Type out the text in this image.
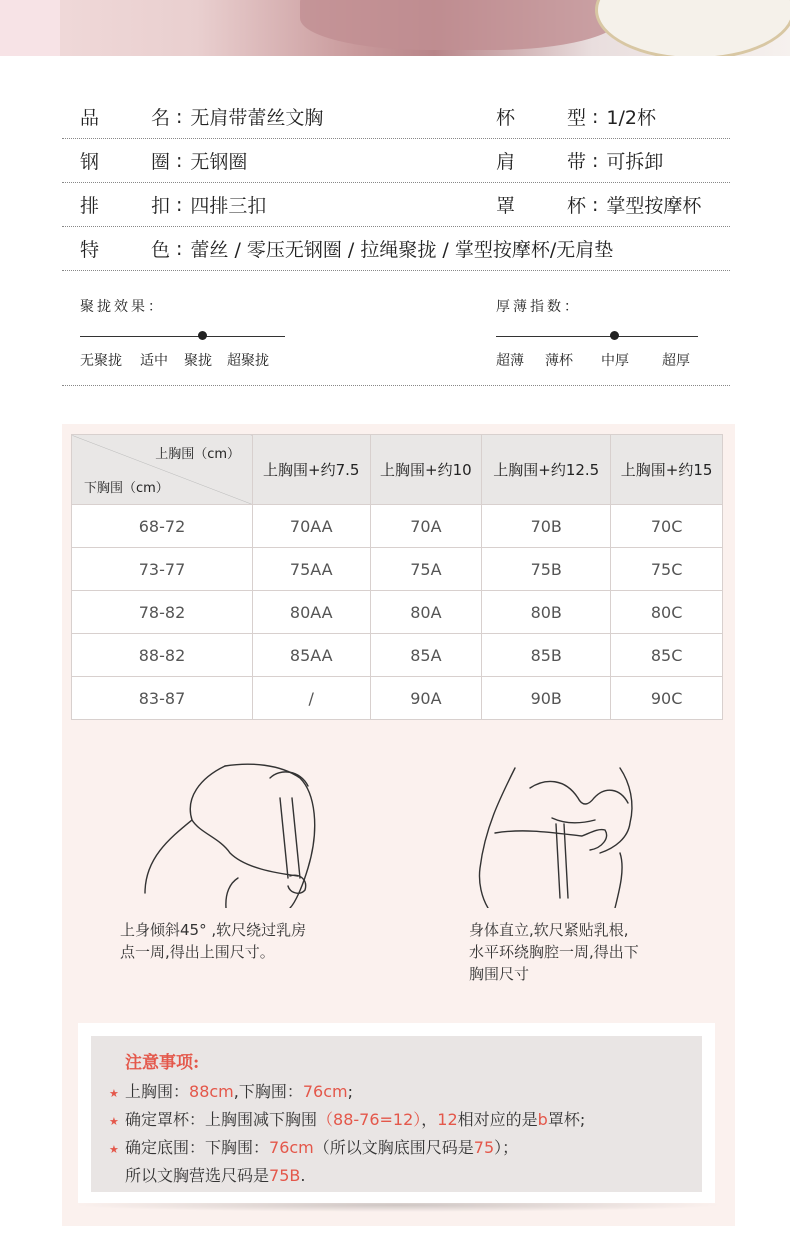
品	名 : 无肩带蕾丝文胸	杯	型 : 1/2杯
钢	圈 : 无钢圈	肩	带 : 可拆卸
排	扣 : 四排三扣	罩	杯 : 掌型按摩杯
特	色 : 蕾丝 / 零压无钢圈 / 拉绳聚拢 / 掌型按摩杯/无肩垫
聚拢效果：
无聚拢 适中 聚拢 超聚拢
厚薄指数：
超薄 薄杯 中厚 超厚
上胸围（cm）
下胸围（cm）	上胸围+约7.5	上胸围+约10	上胸围+约12.5	上胸围+约15
68-72	70AA	70A	70B	70C
73-77	75AA	75A	75B	75C
78-82	80AA	80A	80B	80C
88-82	85AA	85A	85B	85C
83-87	/	90A	90B	90C
上身倾斜45° ,软尺绕过乳房
点一周,得出上围尺寸。
身体直立,软尺紧贴乳根,
水平环绕胸腔一周,得出下
胸围尺寸
注意事项:
★ 上胸围：88cm,下胸围：76cm;
★ 确定罩杯：上胸围减下胸围（88-76=12），12相对应的是b罩杯;
★ 确定底围：下胸围：76cm（所以文胸底围尺码是75）；
所以文胸营选尺码是75B.
